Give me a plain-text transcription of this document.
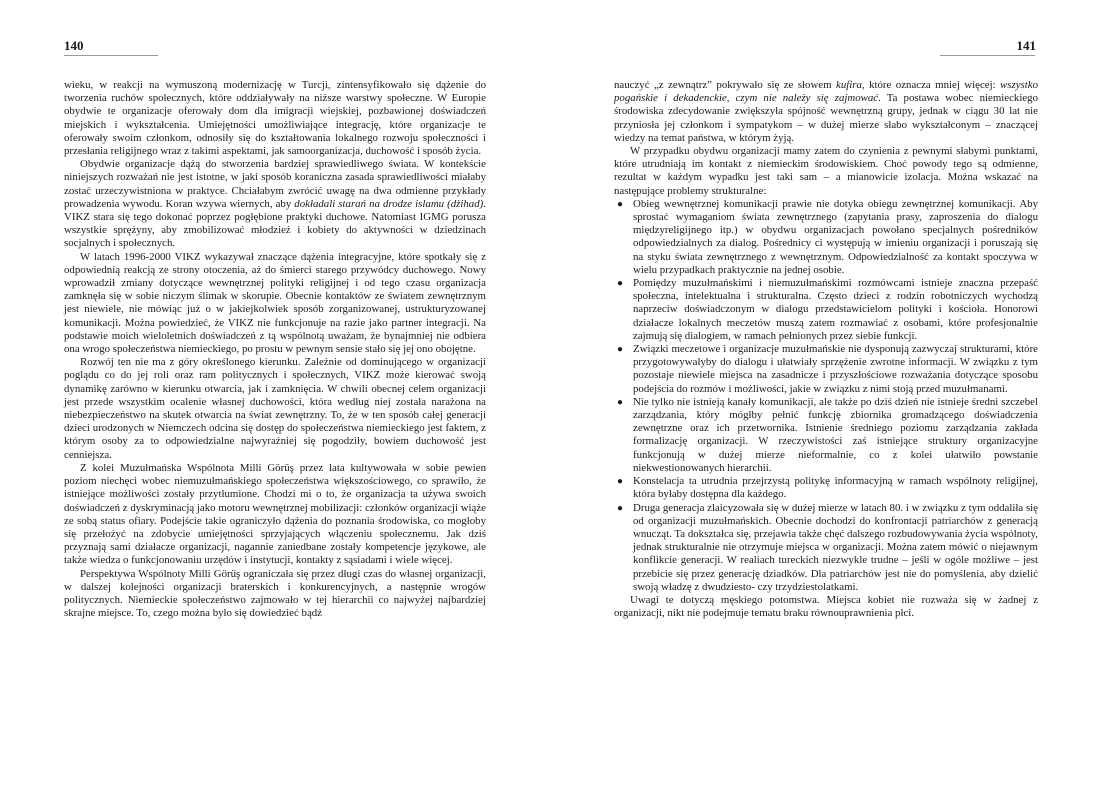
140

wieku, w reakcji na wymuszoną modernizację w Turcji, zintensyfikowało się dążenie do tworzenia ruchów społecznych, które oddziaływały na niższe warstwy społeczne. W Europie obydwie te organizacje oferowały dom dla imigracji wiejskiej, pozbawionej doświadczeń miejskich i wykształcenia. Umiejętności umożliwiające integrację, które organizacje te oferowały swoim członkom, odnosiły się do kształtowania lokalnego rozwoju społeczności i przesłania religijnego wraz z takimi aspektami, jak samoorganizacja, duchowość i sposób życia.

Obydwie organizacje dążą do stworzenia bardziej sprawiedliwego świata. W kontekście niniejszych rozważań nie jest istotne, w jaki sposób koraniczna zasada sprawiedliwości miałaby zostać urzeczywistniona w praktyce. Chciałabym zwrócić uwagę na dwa odmienne przykłady prowadzenia wywodu. Koran wzywa wiernych, aby dokładali starań na drodze islamu (dżihad). VIKZ stara się tego dokonać poprzez pogłębione praktyki duchowe. Natomiast IGMG porusza wszystkie sprężyny, aby zmobilizować młodzież i kobiety do aktywności w dziedzinach socjalnych i społecznych.

W latach 1996-2000 VIKZ wykazywał znaczące dążenia integracyjne, które spotkały się z odpowiednią reakcją ze strony otoczenia, aż do śmierci starego przywódcy duchowego. Nowy wprowadził zmiany dotyczące wewnętrznej polityki religijnej i od tego czasu organizacja zamknęła się w sobie niczym ślimak w skorupie. Obecnie kontaktów ze światem zewnętrznym jest niewiele, nie mówiąc już o w jakiejkolwiek sposób zorganizowanej, ustrukturyzowanej komunikacji. Można powiedzieć, że VIKZ nie funkcjonuje na razie jako partner integracji. Na podstawie moich wieloletnich doświadczeń z tą wspólnotą uważam, że bynajmniej nie odbiera ona wrogo społeczeństwa niemieckiego, po prostu w pewnym sensie stało się jej ono obojętne.

Rozwój ten nie ma z góry określonego kierunku. Zależnie od dominującego w organizacji poglądu co do jej roli oraz ram politycznych i społecznych, VIKZ może kierować swoją dynamikę zarówno w kierunku otwarcia, jak i zamknięcia. W chwili obecnej celem organizacji jest przede wszystkim ocalenie własnej duchowości, która według niej została narażona na niebezpieczeństwo na skutek otwarcia na świat zewnętrzny. To, że w ten sposób całej generacji dzieci urodzonych w Niemczech odcina się dostęp do społeczeństwa niemieckiego jest faktem, z którym osoby za to odpowiedzialne najwyraźniej się pogodziły, bowiem duchowość jest cenniejsza.

Z kolei Muzułmańska Wspólnota Milli Görüş przez lata kultywowała w sobie pewien poziom niechęci wobec niemuzułmańskiego społeczeństwa większościowego, co sprawiło, że istniejące możliwości zostały przytłumione. Chodzi mi o to, że organizacja ta używa swoich doświadczeń z dyskryminacją jako motoru wewnętrznej mobilizacji: członków organizacji wiąże ze sobą status ofiary. Podejście takie ograniczyło dążenia do poznania środowiska, co mogłoby się przełożyć na zdobycie umiejętności sprzyjających włączeniu społecznemu. Jak dziś przyznają sami działacze organizacji, nagannie zaniedbane zostały kompetencje językowe, ale także wiedza o funkcjonowaniu urzędów i instytucji, kontakty z sąsiadami i wiele więcej.

Perspektywa Wspólnoty Milli Görüş ograniczała się przez długi czas do własnej organizacji, w dalszej kolejności organizacji braterskich i konkurencyjnych, a następnie wrogów politycznych. Niemieckie społeczeństwo zajmowało w tej hierarchii co najwyżej najbardziej skrajne miejsce. To, czego można było się dowiedzieć bądź

141

nauczyć „z zewnątrz” pokrywało się ze słowem kufira, które oznacza mniej więcej: wszystko pogańskie i dekadenckie, czym nie należy się zajmować. Ta postawa wobec niemieckiego środowiska zdecydowanie zwiększyła spójność wewnętrzną grupy, jednak w ciągu 30 lat nie przyniosła jej członkom i sympatykom – w dużej mierze słabo wykształconym – znaczącej wiedzy na temat państwa, w którym żyją.

W przypadku obydwu organizacji mamy zatem do czynienia z pewnymi słabymi punktami, które utrudniają im kontakt z niemieckim środowiskiem. Choć powody tego są odmienne, rezultat w każdym wypadku jest taki sam – a mianowicie izolacja. Można wskazać na następujące problemy strukturalne:

● Obieg wewnętrznej komunikacji prawie nie dotyka obiegu zewnętrznej komunikacji. Aby sprostać wymaganiom świata zewnętrznego (zapytania prasy, zaproszenia do dialogu międzyreligijnego itp.) w obydwu organizacjach powołano specjalnych pośredników odpowiedzialnych za dialog. Pośrednicy ci występują w imieniu organizacji i poruszają się na styku świata zewnętrznego z wewnętrznym. Odpowiedzialność za kontakt spoczywa w wielu przypadkach praktycznie na jednej osobie.
● Pomiędzy muzułmańskimi i niemuzułmańskimi rozmówcami istnieje znaczna przepaść społeczna, intelektualna i strukturalna. Często dzieci z rodzin robotniczych wychodzą naprzeciw doświadczonym w dialogu przedstawicielom polityki i kościoła. Honorowi działacze lokalnych meczetów muszą zatem rozmawiać z osobami, które profesjonalnie zajmują się dialogiem, w ramach pełnionych przez siebie funkcji.
● Związki meczetowe i organizacje muzułmańskie nie dysponują zazwyczaj strukturami, które przygotowywałyby do dialogu i ułatwiały sprzężenie zwrotne informacji. W związku z tym pozostaje niewiele miejsca na zasadnicze i przyszłościowe rozważania dotyczące sposobu podejścia do rozmów i możliwości, jakie w związku z nimi stoją przed muzułmanami.
● Nie tylko nie istnieją kanały komunikacji, ale także po dziś dzień nie istnieje średni szczebel zarządzania, który mógłby pełnić funkcję zbiornika gromadzącego doświadczenia zewnętrzne oraz ich przetwornika. Istnienie średniego poziomu zarządzania zakłada formalizację organizacji. W rzeczywistości zaś istniejące struktury organizacyjne funkcjonują w dużej mierze nieformalnie, co z kolei ułatwiło powstanie niekwestionowanych hierarchii.
● Konstelacja ta utrudnia przejrzystą politykę informacyjną w ramach wspólnoty religijnej, która byłaby dostępna dla każdego.
● Druga generacja zlaicyzowała się w dużej mierze w latach 80. i w związku z tym oddaliła się od organizacji muzułmańskich. Obecnie dochodzi do konfrontacji patriarchów z generacją wnucząt. Ta dokształca się, przejawia także chęć dalszego rozbudowywania życia wspólnoty, jednak strukturalnie nie otrzymuje miejsca w organizacji. Można zatem mówić o niejawnym konflikcie generacji. W realiach tureckich niezwykle trudne – jeśli w ogóle możliwe – jest przebicie się przez generację dziadków. Dla patriarchów jest nie do pomyślenia, aby dzielić swoją władzę z dwudziesto- czy trzydziestolatkami.

Uwagi te dotyczą męskiego potomstwa. Miejsca kobiet nie rozważa się w żadnej z organizacji, nikt nie podejmuje tematu braku równouprawnienia płci.
